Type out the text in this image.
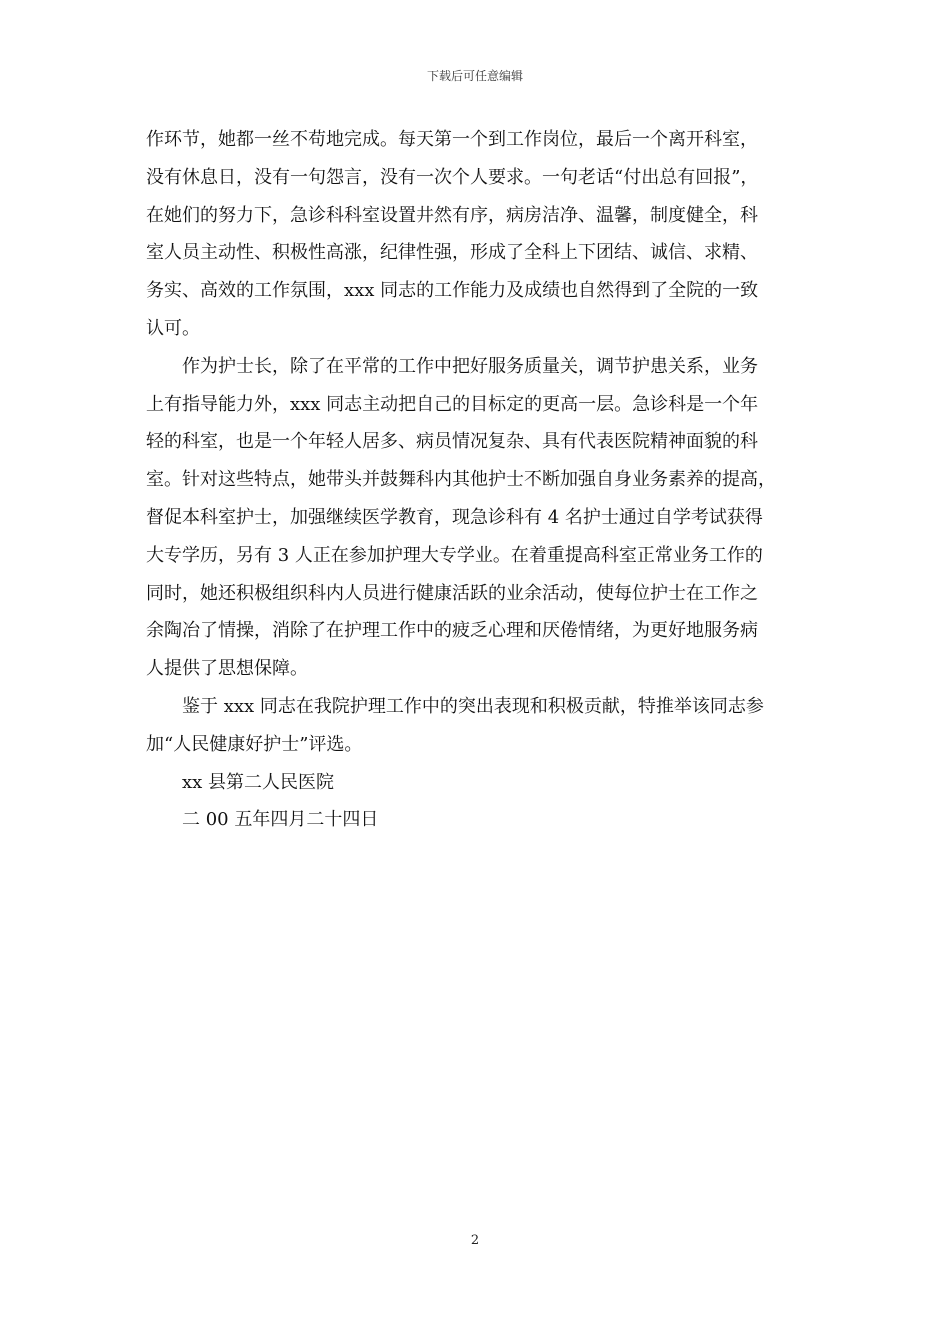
下载后可任意编辑

作环节，她都一丝不苟地完成。每天第一个到工作岗位，最后一个离开科室，
没有休息日，没有一句怨言，没有一次个人要求。一句老话“付出总有回报”，
在她们的努力下，急诊科科室设置井然有序，病房洁净、温馨，制度健全，科
室人员主动性、积极性高涨，纪律性强，形成了全科上下团结、诚信、求精、
务实、高效的工作氛围，xxx 同志的工作能力及成绩也自然得到了全院的一致
认可。

作为护士长，除了在平常的工作中把好服务质量关，调节护患关系，业务
上有指导能力外，xxx 同志主动把自己的目标定的更高一层。急诊科是一个年
轻的科室，也是一个年轻人居多、病员情况复杂、具有代表医院精神面貌的科
室。针对这些特点，她带头并鼓舞科内其他护士不断加强自身业务素养的提高，
督促本科室护士，加强继续医学教育，现急诊科有 4 名护士通过自学考试获得
大专学历，另有 3 人正在参加护理大专学业。在着重提高科室正常业务工作的
同时，她还积极组织科内人员进行健康活跃的业余活动，使每位护士在工作之
余陶冶了情操，消除了在护理工作中的疲乏心理和厌倦情绪，为更好地服务病
人提供了思想保障。

鉴于 xxx 同志在我院护理工作中的突出表现和积极贡献，特推举该同志参
加“人民健康好护士”评选。

xx 县第二人民医院
二 00 五年四月二十四日
2
